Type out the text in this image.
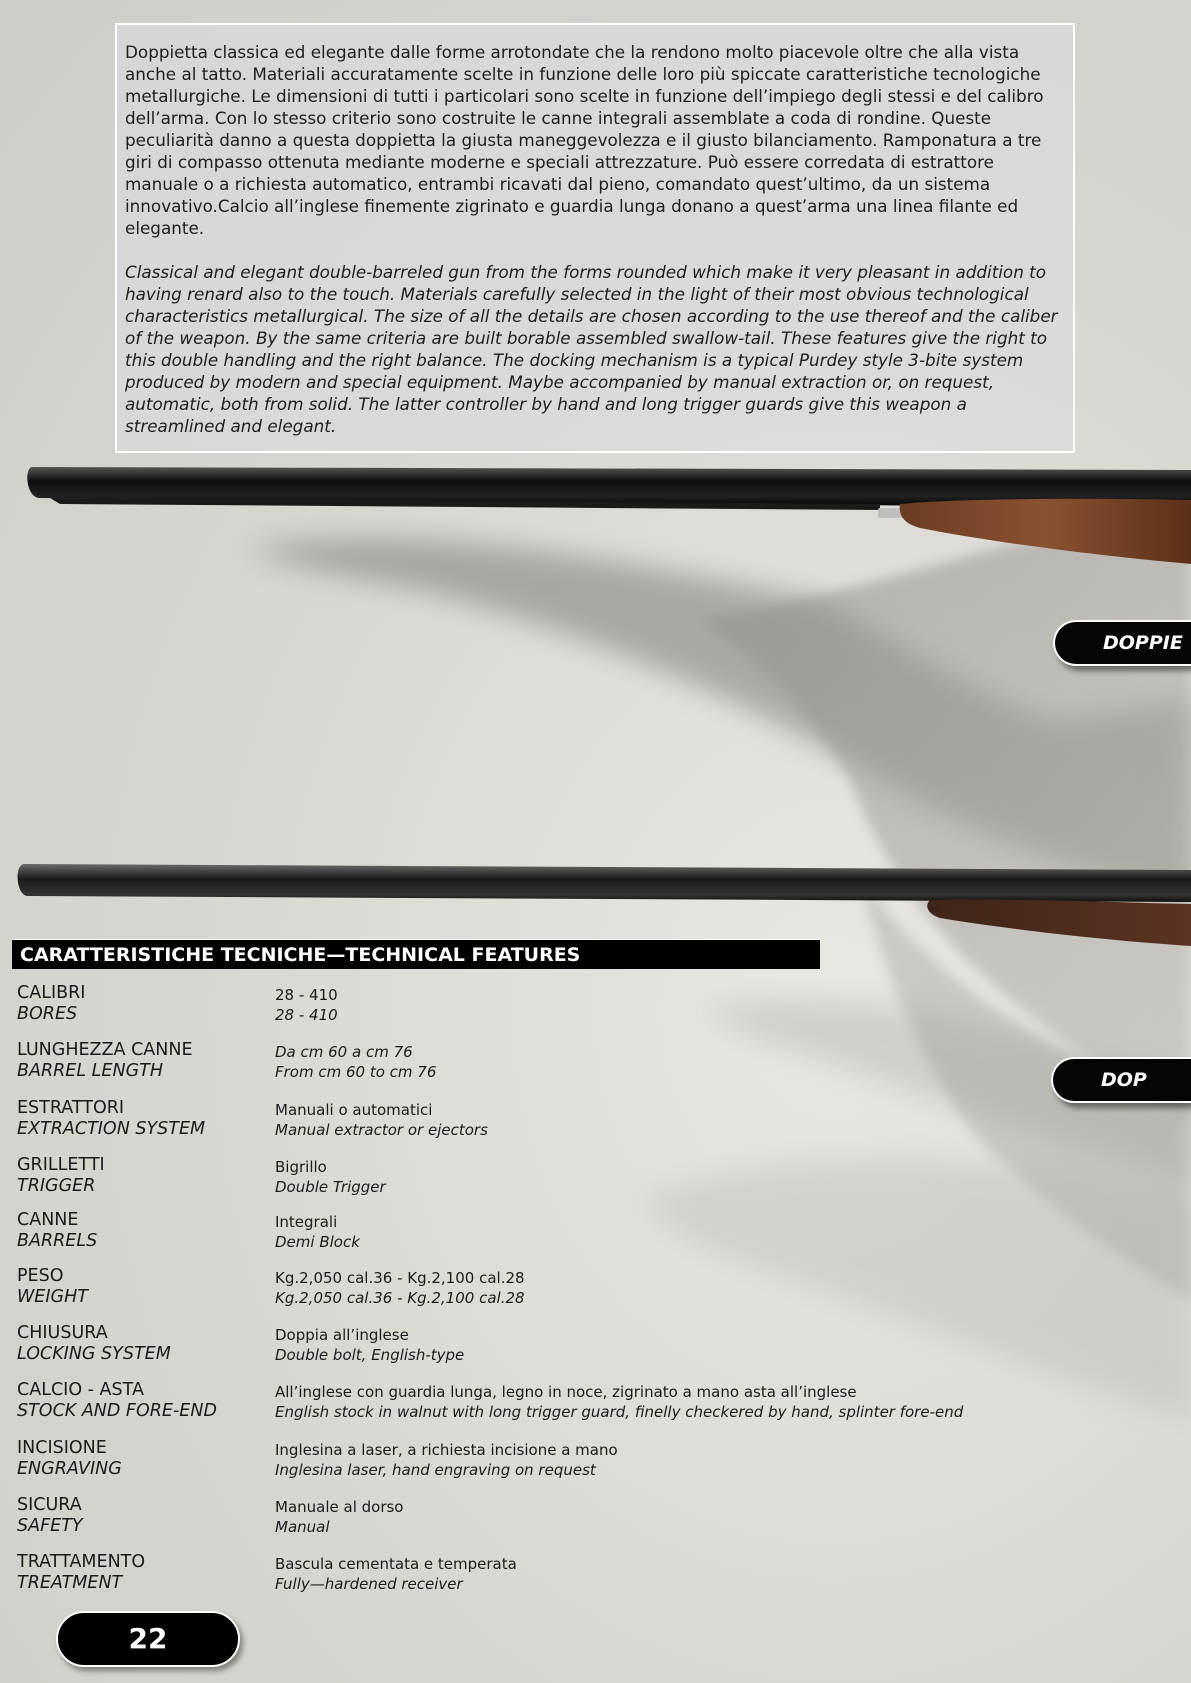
Doppietta classica ed elegante dalle forme arrotondate che la rendono molto piacevole oltre che alla vista anche al tatto. Materiali accuratamente scelte in funzione delle loro più spiccate caratteristiche tecnologiche metallurgiche. Le dimensioni di tutti i particolari sono scelte in funzione dell’impiego degli stessi e del calibro dell’arma. Con lo stesso criterio sono costruite le canne integrali assemblate a coda di rondine. Queste peculiarità danno a questa doppietta la giusta maneggevolezza e il giusto bilanciamento. Ramponatura a tre giri di compasso ottenuta mediante moderne e speciali attrezzature. Può essere corredata di estrattore manuale o a richiesta automatico, entrambi ricavati dal pieno, comandato quest’ultimo, da un sistema innovativo.Calcio all’inglese finemente zigrinato e guardia lunga donano a quest’arma una linea filante ed elegante.

Classical and elegant double-barreled gun from the forms rounded which make it very pleasant in addition to having renard also to the touch. Materials carefully selected in the light of their most obvious technological characteristics metallurgical. The size of all the details are chosen according to the use thereof and the caliber of the weapon. By the same criteria are built borable assembled swallow-tail. These features give the right to this double handling and the right balance. The docking mechanism is a typical Purdey style 3-bite system produced by modern and special equipment. Maybe accompanied by manual extraction or, on request, automatic, both from solid. The latter controller by hand and long trigger guards give this weapon a streamlined and elegant.

DOPPIE
DOP
CARATTERISTICHE TECNICHE—TECHNICAL FEATURES
CALIBRI
BORES
28 - 410
28 - 410
LUNGHEZZA CANNE
BARREL LENGTH
Da cm 60 a cm 76
From cm 60 to cm 76
ESTRATTORI
EXTRACTION SYSTEM
Manuali o automatici
Manual extractor or ejectors
GRILLETTI
TRIGGER
Bigrillo
Double Trigger
CANNE
BARRELS
Integrali
Demi Block
PESO
WEIGHT
Kg.2,050 cal.36 - Kg.2,100 cal.28
Kg.2,050 cal.36 - Kg.2,100 cal.28
CHIUSURA
LOCKING SYSTEM
Doppia all’inglese
Double bolt, English-type
CALCIO - ASTA
STOCK AND FORE-END
All’inglese con guardia lunga, legno in noce, zigrinato a mano asta all’inglese
English stock in walnut with long trigger guard, finelly checkered by hand, splinter fore-end
INCISIONE
ENGRAVING
Inglesina a laser, a richiesta incisione a mano
Inglesina laser, hand engraving on request
SICURA
SAFETY
Manuale al dorso
Manual
TRATTAMENTO
TREATMENT
Bascula cementata e temperata
Fully—hardened receiver
22
